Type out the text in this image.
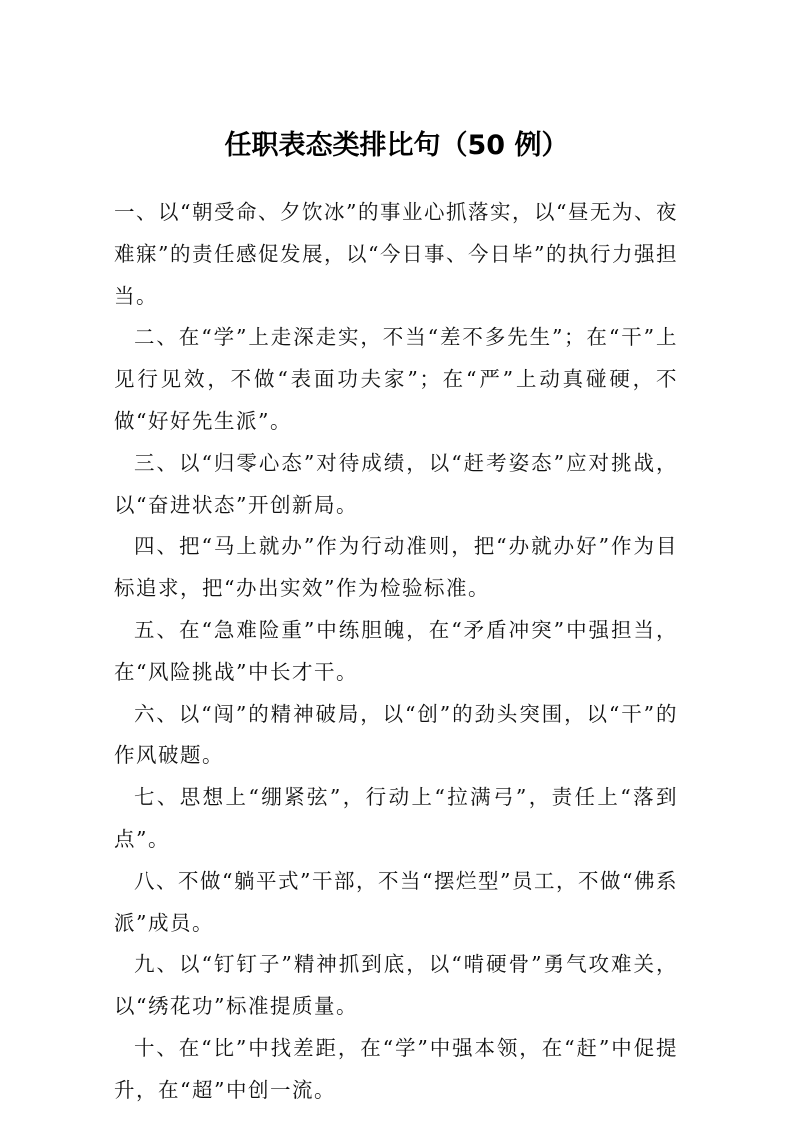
任职表态类排比句（50 例）

一、以“朝受命、夕饮冰”的事业心抓落实，以“昼无为、夜难寐”的责任感促发展，以“今日事、今日毕”的执行力强担当。

二、在“学”上走深走实，不当“差不多先生”；在“干”上见行见效，不做“表面功夫家”；在“严”上动真碰硬，不做“好好先生派”。

三、以“归零心态”对待成绩，以“赶考姿态”应对挑战，以“奋进状态”开创新局。

四、把“马上就办”作为行动准则，把“办就办好”作为目标追求，把“办出实效”作为检验标准。

五、在“急难险重”中练胆魄，在“矛盾冲突”中强担当，在“风险挑战”中长才干。

六、以“闯”的精神破局，以“创”的劲头突围，以“干”的作风破题。

七、思想上“绷紧弦”，行动上“拉满弓”，责任上“落到点”。

八、不做“躺平式”干部，不当“摆烂型”员工，不做“佛系派”成员。

九、以“钉钉子”精神抓到底，以“啃硬骨”勇气攻难关，以“绣花功”标准提质量。

十、在“比”中找差距，在“学”中强本领，在“赶”中促提升，在“超”中创一流。
